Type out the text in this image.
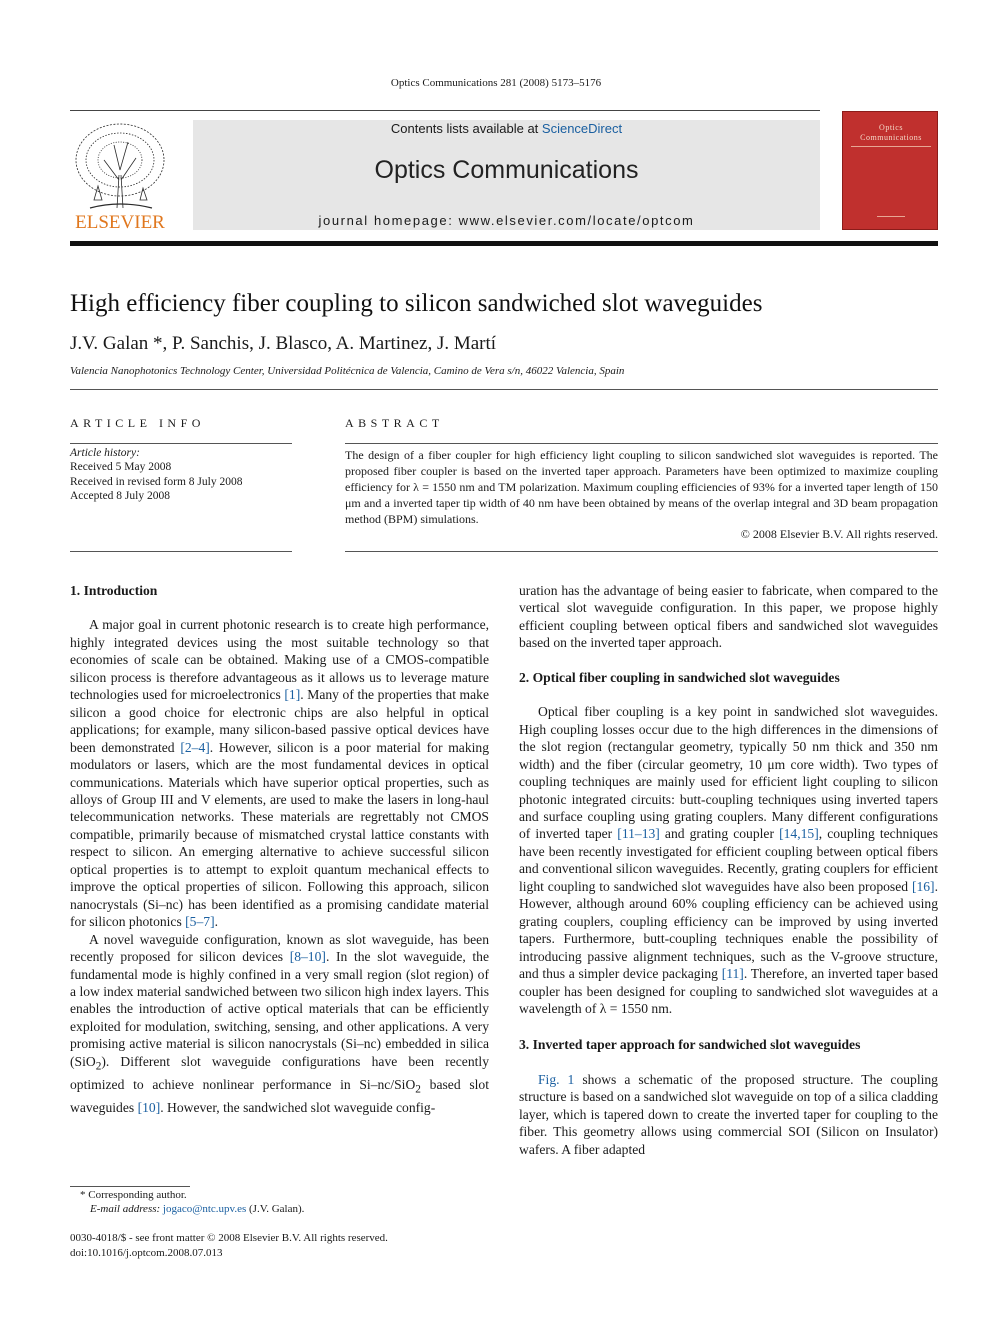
Optics Communications 281 (2008) 5173–5176
ELSEVIER
Contents lists available at ScienceDirect
Optics Communications
journal homepage: www.elsevier.com/locate/optcom
Optics
Communications
High efficiency fiber coupling to silicon sandwiched slot waveguides
J.V. Galan *, P. Sanchis, J. Blasco, A. Martinez, J. Martí
Valencia Nanophotonics Technology Center, Universidad Politécnica de Valencia, Camino de Vera s/n, 46022 Valencia, Spain
ARTICLE INFO	ABSTRACT
Article history:
Received 5 May 2008
Received in revised form 8 July 2008
Accepted 8 July 2008
The design of a fiber coupler for high efficiency light coupling to silicon sandwiched slot waveguides is reported. The proposed fiber coupler is based on the inverted taper approach. Parameters have been optimized to maximize coupling efficiency for λ = 1550 nm and TM polarization. Maximum coupling efficiencies of 93% for a inverted taper length of 150 μm and a inverted taper tip width of 40 nm have been obtained by means of the overlap integral and 3D beam propagation method (BPM) simulations.
© 2008 Elsevier B.V. All rights reserved.
1. Introduction

A major goal in current photonic research is to create high performance, highly integrated devices using the most suitable technology so that economies of scale can be obtained. Making use of a CMOS-compatible silicon process is therefore advantageous as it allows us to leverage mature technologies used for microelectronics [1]. Many of the properties that make silicon a good choice for electronic chips are also helpful in optical applications; for example, many silicon-based passive optical devices have been demonstrated [2–4]. However, silicon is a poor material for making modulators or lasers, which are the most fundamental devices in optical communications. Materials which have superior optical properties, such as alloys of Group III and V elements, are used to make the lasers in long-haul telecommunication networks. These materials are regrettably not CMOS compatible, primarily because of mismatched crystal lattice constants with respect to silicon. An emerging alternative to achieve successful silicon optical properties is to attempt to exploit quantum mechanical effects to improve the optical properties of silicon. Following this approach, silicon nanocrystals (Si–nc) has been identified as a promising candidate material for silicon photonics [5–7].

A novel waveguide configuration, known as slot waveguide, has been recently proposed for silicon devices [8–10]. In the slot waveguide, the fundamental mode is highly confined in a very small region (slot region) of a low index material sandwiched between two silicon high index layers. This enables the introduction of active optical materials that can be efficiently exploited for modulation, switching, sensing, and other applications. A very promising active material is silicon nanocrystals (Si–nc) embedded in silica (SiO$_2$). Different slot waveguide configurations have been recently optimized to achieve nonlinear performance in Si–nc/SiO$_2$ based slot waveguides [10]. However, the sandwiched slot waveguide config-

* Corresponding author.
E-mail address: jogaco@ntc.upv.es (J.V. Galan).
0030-4018/$ - see front matter © 2008 Elsevier B.V. All rights reserved.
doi:10.1016/j.optcom.2008.07.013
uration has the advantage of being easier to fabricate, when compared to the vertical slot waveguide configuration. In this paper, we propose highly efficient coupling between optical fibers and sandwiched slot waveguides based on the inverted taper approach.
2. Optical fiber coupling in sandwiched slot waveguides

Optical fiber coupling is a key point in sandwiched slot waveguides. High coupling losses occur due to the high differences in the dimensions of the slot region (rectangular geometry, typically 50 nm thick and 350 nm width) and the fiber (circular geometry, 10 μm core width). Two types of coupling techniques are mainly used for efficient light coupling to silicon photonic integrated circuits: butt-coupling techniques using inverted tapers and surface coupling using grating couplers. Many different configurations of inverted taper [11–13] and grating coupler [14,15], coupling techniques have been recently investigated for efficient coupling between optical fibers and conventional silicon waveguides. Recently, grating couplers for efficient light coupling to sandwiched slot waveguides have also been proposed [16]. However, although around 60% coupling efficiency can be achieved using grating couplers, coupling efficiency can be improved by using inverted tapers. Furthermore, butt-coupling techniques enable the possibility of introducing passive alignment techniques, such as the V-groove structure, and thus a simpler device packaging [11]. Therefore, an inverted taper based coupler has been designed for coupling to sandwiched slot waveguides at a wavelength of λ = 1550 nm.

3. Inverted taper approach for sandwiched slot waveguides

Fig. 1 shows a schematic of the proposed structure. The coupling structure is based on a sandwiched slot waveguide on top of a silica cladding layer, which is tapered down to create the inverted taper for coupling to the fiber. This geometry allows using commercial SOI (Silicon on Insulator) wafers. A fiber adapted
